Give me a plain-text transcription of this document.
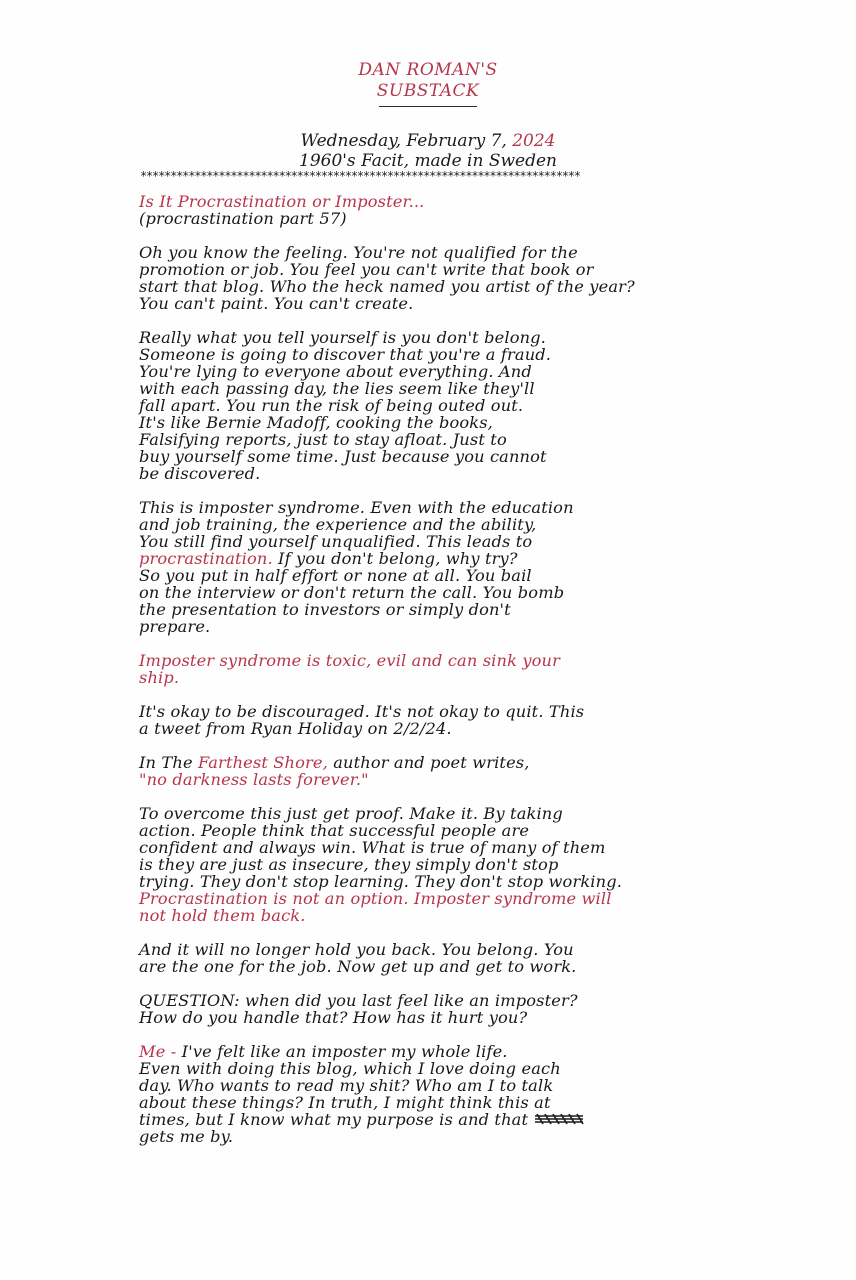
DAN ROMAN'S
SUBSTACK
Wednesday, February 7, 2024
1960's Facit, made in Sweden
*************************************************************************
Is It Procrastination or Imposter...
(procrastination part 57)
Oh you know the feeling. You're not qualified for the
promotion or job. You feel you can't write that book or
start that blog. Who the heck named you artist of the year?
You can't paint. You can't create.
Really what you tell yourself is you don't belong.
Someone is going to discover that you're a fraud.
You're lying to everyone about everything. And
with each passing day, the lies seem like they'll
fall apart. You run the risk of being outed out.
It's like Bernie Madoff, cooking the books,
Falsifying reports, just to stay afloat. Just to
buy yourself some time. Just because you cannot
be discovered.
This is imposter syndrome. Even with the education
and job training, the experience and the ability,
You still find yourself unqualified. This leads to
procrastination. If you don't belong, why try?
So you put in half effort or none at all. You bail
on the interview or don't return the call. You bomb
the presentation to investors or simply don't
prepare.
Imposter syndrome is toxic, evil and can sink your
ship.
It's okay to be discouraged. It's not okay to quit. This
a tweet from Ryan Holiday on 2/2/24.
In The Farthest Shore, author and poet writes,
"no darkness lasts forever."
To overcome this just get proof. Make it. By taking
action. People think that successful people are
confident and always win. What is true of many of them
is they are just as insecure, they simply don't stop
trying. They don't stop learning. They don't stop working.
Procrastination is not an option. Imposter syndrome will
not hold them back.
And it will no longer hold you back. You belong. You
are the one for the job. Now get up and get to work.
QUESTION: when did you last feel like an imposter?
How do you handle that? How has it hurt you?
Me - I've felt like an imposter my whole life.
Even with doing this blog, which I love doing each
day. Who wants to read my shit? Who am I to talk
about these things? In truth, I might think this at
times, but I know what my purpose is and that
gets me by.
